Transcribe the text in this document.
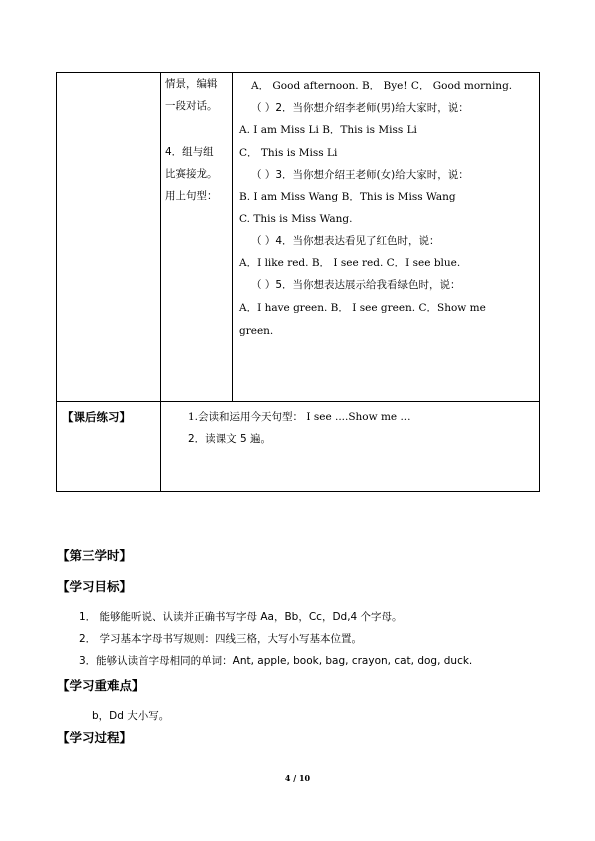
情景，编辑
一段对话。
4．组与组
比赛接龙。
用上句型：
A． Good afternoon. B． Bye! C． Good morning.
（ ）2．当你想介绍李老师(男)给大家时，说：
A. I am Miss Li B．This is Miss Li
C． This is Miss Li
（ ）3．当你想介绍王老师(女)给大家时，说：
B. I am Miss Wang B．This is Miss Wang
C. This is Miss Wang.
（ ）4．当你想表达看见了红色时，说：
A．I like red. B． I see red. C．I see blue.
（ ）5．当你想表达展示给我看绿色时，说：
A．I have green. B． I see green. C．Show me
green.
【课后练习】	1.会读和运用今天句型： I see ....Show me ...
2．读课文 5 遍。
【第三学时】
【学习目标】
1． 能够能听说、认读并正确书写字母 Aa，Bb，Cc，Dd,4 个字母。
2． 学习基本字母书写规则：四线三格，大写小写基本位置。
3．能够认读首字母相同的单词：Ant, apple, book, bag, crayon, cat, dog, duck.
【学习重难点】
b，Dd 大小写。
【学习过程】
4 / 10
